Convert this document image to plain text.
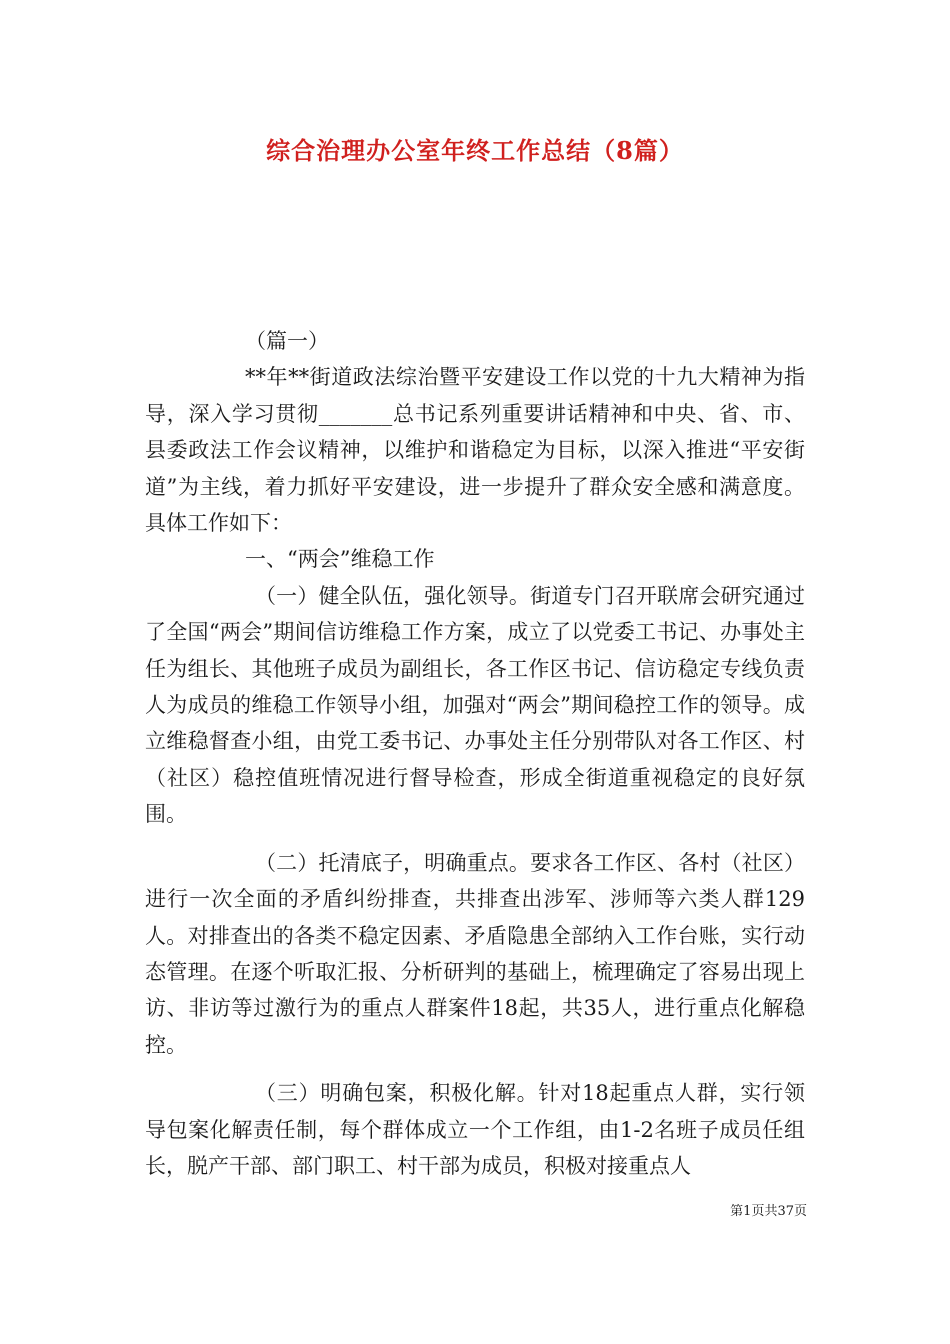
综合治理办公室年终工作总结（8篇）

（篇一）

**年**街道政法综治暨平安建设工作以党的十九大精神为指导，深入学习贯彻_______总书记系列重要讲话精神和中央、省、市、县委政法工作会议精神，以维护和谐稳定为目标，以深入推进“平安街道”为主线，着力抓好平安建设，进一步提升了群众安全感和满意度。具体工作如下：

一、“两会”维稳工作

（一）健全队伍，强化领导。街道专门召开联席会研究通过了全国“两会”期间信访维稳工作方案，成立了以党委工书记、办事处主任为组长、其他班子成员为副组长，各工作区书记、信访稳定专线负责人为成员的维稳工作领导小组，加强对“两会”期间稳控工作的领导。成立维稳督查小组，由党工委书记、办事处主任分别带队对各工作区、村（社区）稳控值班情况进行督导检查，形成全街道重视稳定的良好氛围。

（二）托清底子，明确重点。要求各工作区、各村（社区）进行一次全面的矛盾纠纷排查，共排查出涉军、涉师等六类人群129人。对排查出的各类不稳定因素、矛盾隐患全部纳入工作台账，实行动态管理。在逐个听取汇报、分析研判的基础上，梳理确定了容易出现上访、非访等过激行为的重点人群案件18起，共35人，进行重点化解稳控。

（三）明确包案，积极化解。针对18起重点人群，实行领导包案化解责任制，每个群体成立一个工作组，由1-2名班子成员任组长，脱产干部、部门职工、村干部为成员，积极对接重点人

第1页共37页
